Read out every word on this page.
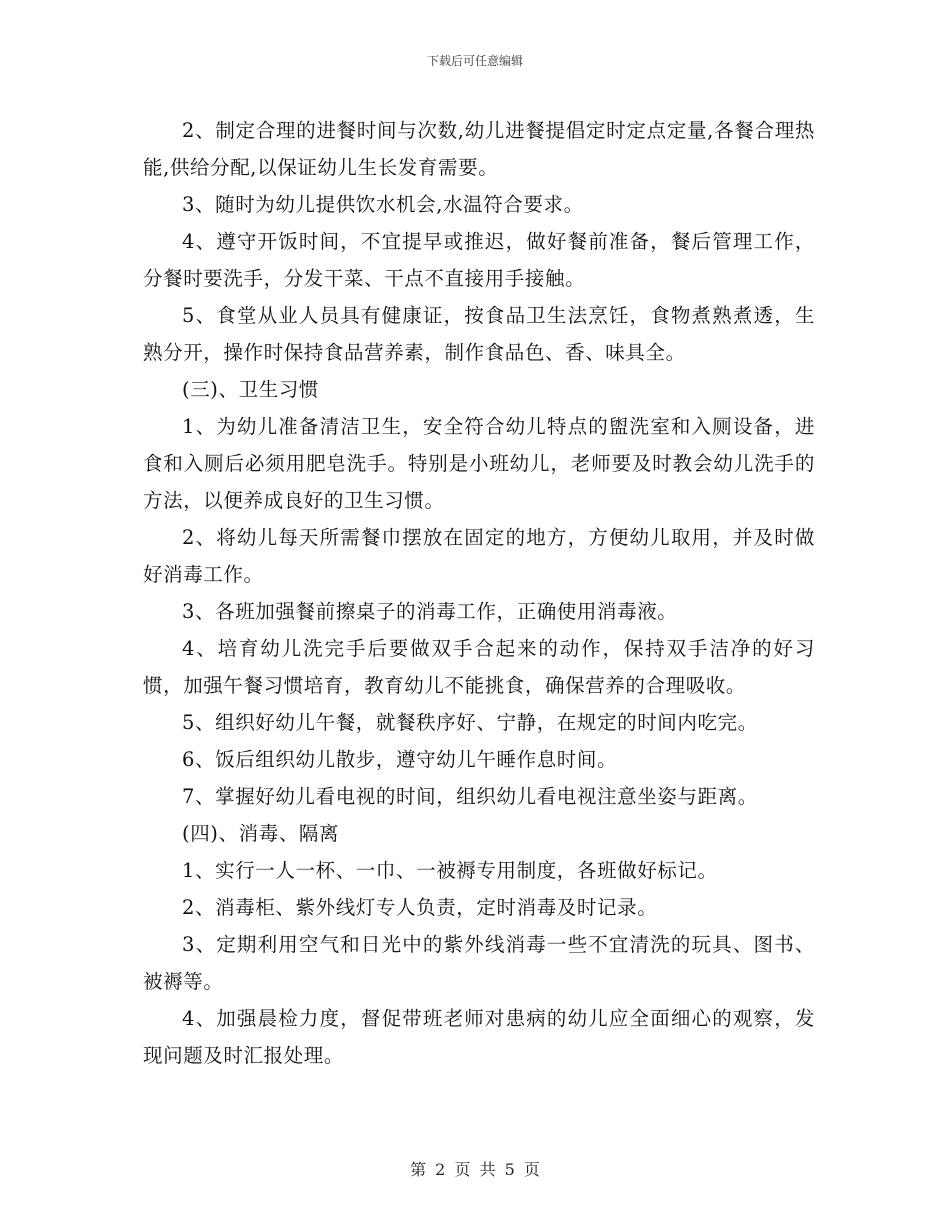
下载后可任意编辑

2、制定合理的进餐时间与次数,幼儿进餐提倡定时定点定量,各餐合理热能,供给分配,以保证幼儿生长发育需要。

3、随时为幼儿提供饮水机会,水温符合要求。

4、遵守开饭时间，不宜提早或推迟，做好餐前准备，餐后管理工作，分餐时要洗手，分发干菜、干点不直接用手接触。

5、食堂从业人员具有健康证，按食品卫生法烹饪，食物煮熟煮透，生熟分开，操作时保持食品营养素，制作食品色、香、味具全。

(三)、卫生习惯

1、为幼儿准备清洁卫生，安全符合幼儿特点的盥洗室和入厕设备，进食和入厕后必须用肥皂洗手。特别是小班幼儿，老师要及时教会幼儿洗手的方法，以便养成良好的卫生习惯。

2、将幼儿每天所需餐巾摆放在固定的地方，方便幼儿取用，并及时做好消毒工作。

3、各班加强餐前擦桌子的消毒工作，正确使用消毒液。

4、培育幼儿洗完手后要做双手合起来的动作，保持双手洁净的好习惯，加强午餐习惯培育，教育幼儿不能挑食，确保营养的合理吸收。

5、组织好幼儿午餐，就餐秩序好、宁静，在规定的时间内吃完。

6、饭后组织幼儿散步，遵守幼儿午睡作息时间。

7、掌握好幼儿看电视的时间，组织幼儿看电视注意坐姿与距离。

(四)、消毒、隔离

1、实行一人一杯、一巾、一被褥专用制度，各班做好标记。

2、消毒柜、紫外线灯专人负责，定时消毒及时记录。

3、定期利用空气和日光中的紫外线消毒一些不宜清洗的玩具、图书、被褥等。

4、加强晨检力度，督促带班老师对患病的幼儿应全面细心的观察，发现问题及时汇报处理。

第 2 页 共 5 页
